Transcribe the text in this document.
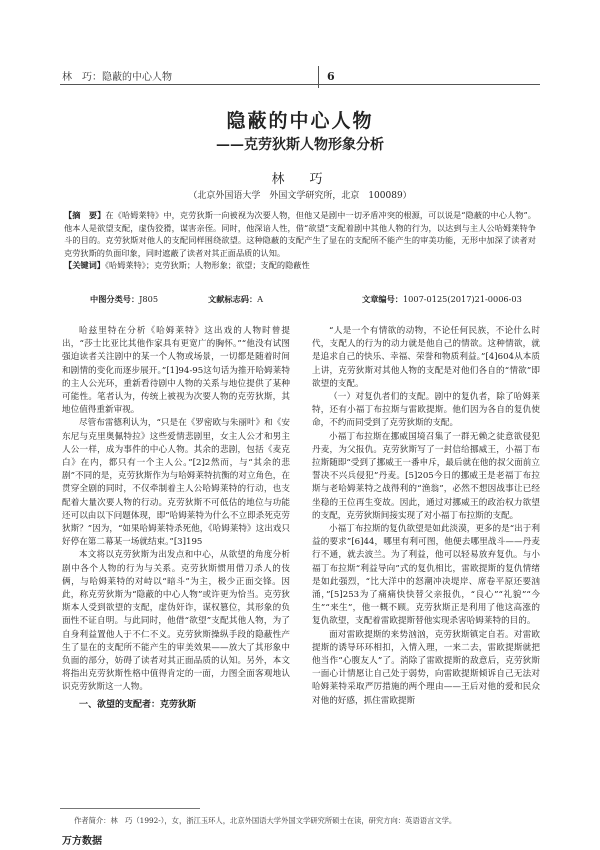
林　巧：隐蔽的中心人物	6
隐蔽的中心人物
——克劳狄斯人物形象分析
林　巧
（北京外国语大学　外国文学研究所，北京　100089）
【摘　要】在《哈姆莱特》中，克劳狄斯一向被视为次要人物，但他又是剧中一切矛盾冲突的根源，可以说是“隐蔽的中心人物”。他本人是欲望支配，虚伪狡猾，谋害亲侄。同时，他深谙人性，借“欲望”支配着剧中其他人物的行为，以达到与主人公哈姆莱特争斗的目的。克劳狄斯对他人的支配同样围绕欲望。这种隐蔽的支配产生了显在的支配所不能产生的审美功能，无形中加深了读者对克劳狄斯的负面印象，同时遮蔽了读者对其正面品质的认知。
【关键词】《哈姆莱特》；克劳狄斯；人物形象；欲望；支配的隐蔽性
中图分类号： J805	文献标志码： A	文章编号： 1007-0125(2017)21-0006-03

哈兹里特在分析《哈姆莱特》这出戏的人物时曾提出，“莎士比亚比其他作家具有更宽广的胸怀。”“他没有试图强迫读者关注剧中的某一个人物或场景，一切都是随着时间和剧情的变化而逐步展开。”[1]94-95这句话为推开哈姆莱特的主人公光环，重新看待剧中人物的关系与地位提供了某种可能性。笔者认为，传统上被视为次要人物的克劳狄斯，其地位值得重新审视。

尽管布雷德利认为，“只是在《罗密欧与朱丽叶》和《安东尼与克里奥佩特拉》这些爱情悲剧里，女主人公才和男主人公一样，成为事件的中心人物。其余的悲剧，包括《麦克白》在内，都只有一个主人公。”[2]2然而，与“其余的悲剧”不同的是，克劳狄斯作为与哈姆莱特抗衡的对立角色，在贯穿全剧的同时，不仅牵制着主人公哈姆莱特的行动，也支配着大量次要人物的行动。克劳狄斯不可低估的地位与功能还可以由以下问题体现，即“哈姆莱特为什么不立即杀死克劳狄斯？”因为，“如果哈姆莱特杀死他，《哈姆莱特》这出戏只好停在第二幕某一场就结束。”[3]195

本文将以克劳狄斯为出发点和中心，从欲望的角度分析剧中各个人物的行为与关系。克劳狄斯惯用借刀杀人的伎俩，与哈姆莱特的对峙以“暗斗”为主，极少正面交锋。因此，称克劳狄斯为“隐蔽的中心人物”或许更为恰当。克劳狄斯本人受到欲望的支配，虚伪奸诈，谋权篡位，其形象的负面性不证自明。与此同时，他借“欲望”支配其他人物，为了自身利益置他人于不仁不义。克劳狄斯操纵手段的隐蔽性产生了显在的支配所不能产生的审美效果——放大了其形象中负面的部分，妨碍了读者对其正面品质的认知。另外，本文将指出克劳狄斯性格中值得肯定的一面，力图全面客观地认识克劳狄斯这一人物。

一、欲望的支配者：克劳狄斯

“人是一个有情欲的动物，不论任何民族，不论什么时代，支配人的行为的动力就是他自己的情欲。这种情欲，就是追求自己的快乐、幸福、荣誉和物质利益。”[4]604从本质上讲，克劳狄斯对其他人物的支配是对他们各自的“情欲”即欲望的支配。

（一）对复仇者们的支配。剧中的复仇者，除了哈姆莱特，还有小福丁布拉斯与雷欧提斯。他们因为各自的复仇使命，不约而同受到了克劳狄斯的支配。

小福丁布拉斯在挪威国境召集了一群无赖之徒意欲侵犯丹麦，为父报仇。克劳狄斯写了一封信给挪威王，小福丁布拉斯随即“受到了挪威王一番申斥，最后就在他的叔父面前立誓决不兴兵侵犯”丹麦。[5]205今日的挪威王是老福丁布拉斯与老哈姆莱特之战得利的“渔翁”，必然不想因战事让已经坐稳的王位再生变故。因此，通过对挪威王的政治权力欲望的支配，克劳狄斯间接实现了对小福丁布拉斯的支配。

小福丁布拉斯的复仇欲望是如此淡漠，更多的是“出于利益的要求”[6]44，哪里有利可图，他便去哪里战斗——丹麦行不通，就去波兰。为了利益，他可以轻易放弃复仇。与小福丁布拉斯“利益导向”式的复仇相比，雷欧提斯的复仇情绪是如此强烈，“比大洋中的怒潮冲决堤岸、席卷平原还要汹涌，”[5]253为了痛痛快快替父亲报仇，“良心”“礼貌”“今生”“来生”，他一概不顾。克劳狄斯正是利用了他这高涨的复仇欲望，支配着雷欧提斯替他实现杀害哈姆莱特的目的。

面对雷欧提斯的来势汹汹，克劳狄斯镇定自若。对雷欧提斯的诱导环环相扣，入情入理，一来二去，雷欧提斯就把他当作“心腹友人”了。消除了雷欧提斯的敌意后，克劳狄斯一面心计情愿让自己处于弱势，向雷欧提斯倾诉自己无法对哈姆莱特采取严厉措施的两个理由——王后对他的爱和民众对他的好感，抓住雷欧提斯

作者简介：林　巧（1992-），女，浙江玉环人，北京外国语大学外国文学研究所硕士在读，研究方向：英语语言文学。
万方数据
